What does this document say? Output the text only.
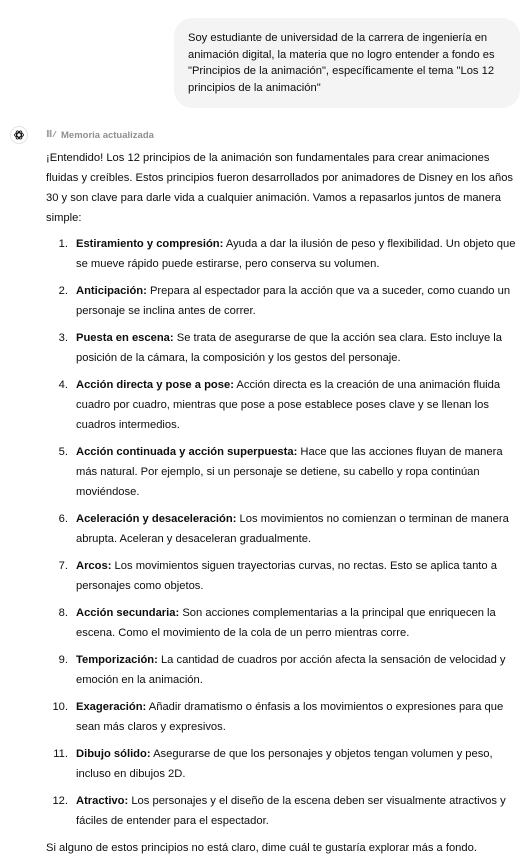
Soy estudiante de universidad de la carrera de ingeniería en animación digital, la materia que no logro entender a fondo es "Principios de la animación", específicamente el tema "Los 12 principios de la animación"
Memoria actualizada

¡Entendido! Los 12 principios de la animación son fundamentales para crear animaciones fluidas y creíbles. Estos principios fueron desarrollados por animadores de Disney en los años 30 y son clave para darle vida a cualquier animación. Vamos a repasarlos juntos de manera simple:

1. Estiramiento y compresión: Ayuda a dar la ilusión de peso y flexibilidad. Un objeto que se mueve rápido puede estirarse, pero conserva su volumen.
2. Anticipación: Prepara al espectador para la acción que va a suceder, como cuando un personaje se inclina antes de correr.
3. Puesta en escena: Se trata de asegurarse de que la acción sea clara. Esto incluye la posición de la cámara, la composición y los gestos del personaje.
4. Acción directa y pose a pose: Acción directa es la creación de una animación fluida cuadro por cuadro, mientras que pose a pose establece poses clave y se llenan los cuadros intermedios.
5. Acción continuada y acción superpuesta: Hace que las acciones fluyan de manera más natural. Por ejemplo, si un personaje se detiene, su cabello y ropa continúan moviéndose.
6. Aceleración y desaceleración: Los movimientos no comienzan o terminan de manera abrupta. Aceleran y desaceleran gradualmente.
7. Arcos: Los movimientos siguen trayectorias curvas, no rectas. Esto se aplica tanto a personajes como objetos.
8. Acción secundaria: Son acciones complementarias a la principal que enriquecen la escena. Como el movimiento de la cola de un perro mientras corre.
9. Temporización: La cantidad de cuadros por acción afecta la sensación de velocidad y emoción en la animación.
10. Exageración: Añadir dramatismo o énfasis a los movimientos o expresiones para que sean más claros y expresivos.
11. Dibujo sólido: Asegurarse de que los personajes y objetos tengan volumen y peso, incluso en dibujos 2D.
12. Atractivo: Los personajes y el diseño de la escena deben ser visualmente atractivos y fáciles de entender para el espectador.

Si alguno de estos principios no está claro, dime cuál te gustaría explorar más a fondo.
